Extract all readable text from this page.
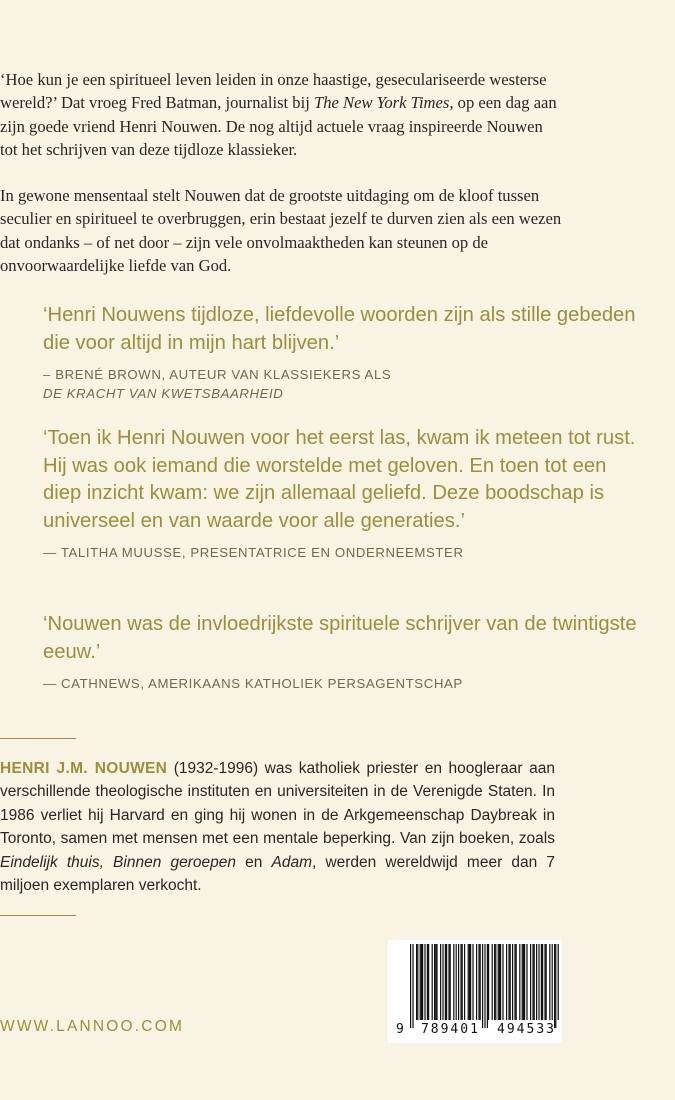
‘Hoe kun je een spiritueel leven leiden in onze haastige, geseculariseerde westerse wereld?’ Dat vroeg Fred Batman, journalist bij The New York Times, op een dag aan zijn goede vriend Henri Nouwen. De nog altijd actuele vraag inspireerde Nouwen tot het schrijven van deze tijdloze klassieker.

In gewone mensentaal stelt Nouwen dat de grootste uitdaging om de kloof tussen seculier en spiritueel te overbruggen, erin bestaat jezelf te durven zien als een wezen dat ondanks – of net door – zijn vele onvolmaaktheden kan steunen op de onvoorwaardelijke liefde van God.

‘Henri Nouwens tijdloze, liefdevolle woorden zijn als stille gebeden die voor altijd in mijn hart blijven.’

– BRENÉ BROWN, AUTEUR VAN KLASSIEKERS ALS
DE KRACHT VAN KWETSBAARHEID

‘Toen ik Henri Nouwen voor het eerst las, kwam ik meteen tot rust. Hij was ook iemand die worstelde met geloven. En toen tot een diep inzicht kwam: we zijn allemaal geliefd. Deze boodschap is universeel en van waarde voor alle generaties.’

— TALITHA MUUSSE, PRESENTATRICE EN ONDERNEEMSTER

‘Nouwen was de invloedrijkste spirituele schrijver van de twintigste eeuw.’

— CATHNEWS, AMERIKAANS KATHOLIEK PERSAGENTSCHAP
HENRI J.M. NOUWEN (1932-1996) was katholiek priester en hoogleraar aan verschillende theologische instituten en universiteiten in de Verenigde Staten. In 1986 verliet hij Harvard en ging hij wonen in de Arkgemeenschap Daybreak in Toronto, samen met mensen met een mentale beperking. Van zijn boeken, zoals Eindelijk thuis, Binnen geroepen en Adam, werden wereldwijd meer dan 7 miljoen exemplaren verkocht.
WWW.LANNOO.COM	9 789401 494533
